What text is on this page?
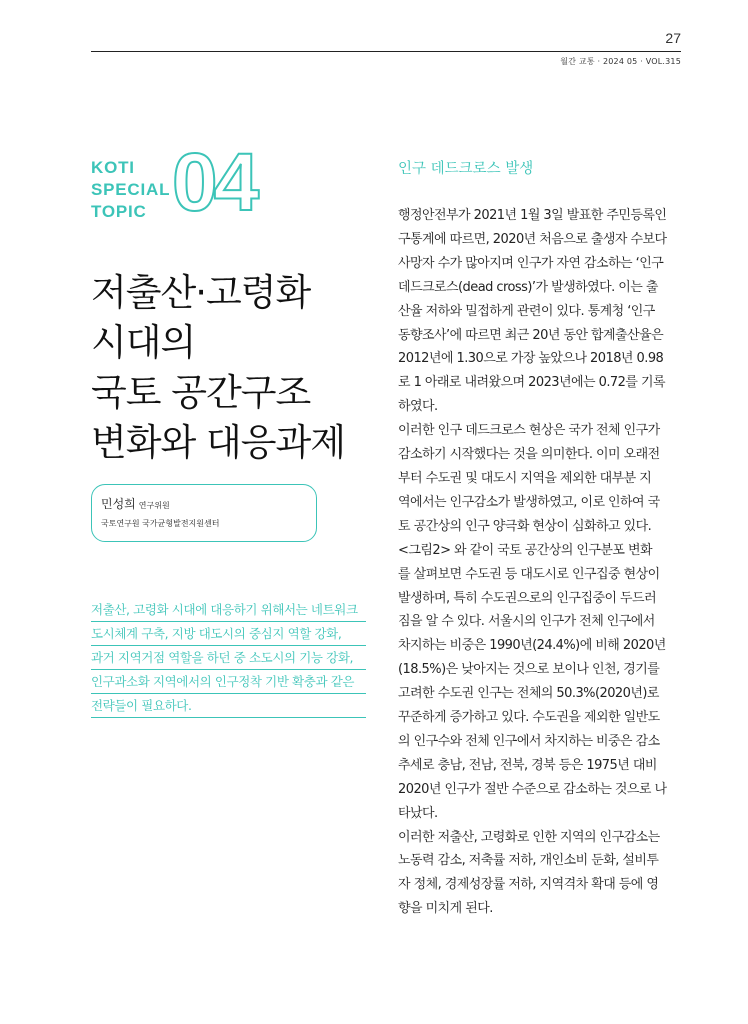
27
월간 교통 · 2024 05 · VOL.315
KOTI
SPECIAL
TOPIC 04
저출산·고령화
시대의
국토 공간구조
변화와 대응과제
민성희 연구위원
국토연구원 국가균형발전지원센터
저출산, 고령화 시대에 대응하기 위해서는 네트워크
도시체계 구축, 지방 대도시의 중심지 역할 강화,
과거 지역거점 역할을 하던 중 소도시의 기능 강화,
인구과소화 지역에서의 인구정착 기반 확충과 같은
전략들이 필요하다.
인구 데드크로스 발생
행정안전부가 2021년 1월 3일 발표한 주민등록인
구통계에 따르면, 2020년 처음으로 출생자 수보다
사망자 수가 많아지며 인구가 자연 감소하는 ‘인구
데드크로스(dead cross)’가 발생하였다. 이는 출
산율 저하와 밀접하게 관련이 있다. 통계청 ‘인구
동향조사’에 따르면 최근 20년 동안 합계출산율은
2012년에 1.30으로 가장 높았으나 2018년 0.98
로 1 아래로 내려왔으며 2023년에는 0.72를 기록
하였다.
이러한 인구 데드크로스 현상은 국가 전체 인구가
감소하기 시작했다는 것을 의미한다. 이미 오래전
부터 수도권 및 대도시 지역을 제외한 대부분 지
역에서는 인구감소가 발생하였고, 이로 인하여 국
토 공간상의 인구 양극화 현상이 심화하고 있다.
<그림2> 와 같이 국토 공간상의 인구분포 변화
를 살펴보면 수도권 등 대도시로 인구집중 현상이
발생하며, 특히 수도권으로의 인구집중이 두드러
짐을 알 수 있다. 서울시의 인구가 전체 인구에서
차지하는 비중은 1990년(24.4%)에 비해 2020년
(18.5%)은 낮아지는 것으로 보이나 인천, 경기를
고려한 수도권 인구는 전체의 50.3%(2020년)로
꾸준하게 증가하고 있다. 수도권을 제외한 일반도
의 인구수와 전체 인구에서 차지하는 비중은 감소
추세로 충남, 전남, 전북, 경북 등은 1975년 대비
2020년 인구가 절반 수준으로 감소하는 것으로 나
타났다.
이러한 저출산, 고령화로 인한 지역의 인구감소는
노동력 감소, 저축률 저하, 개인소비 둔화, 설비투
자 정체, 경제성장률 저하, 지역격차 확대 등에 영
향을 미치게 된다.
